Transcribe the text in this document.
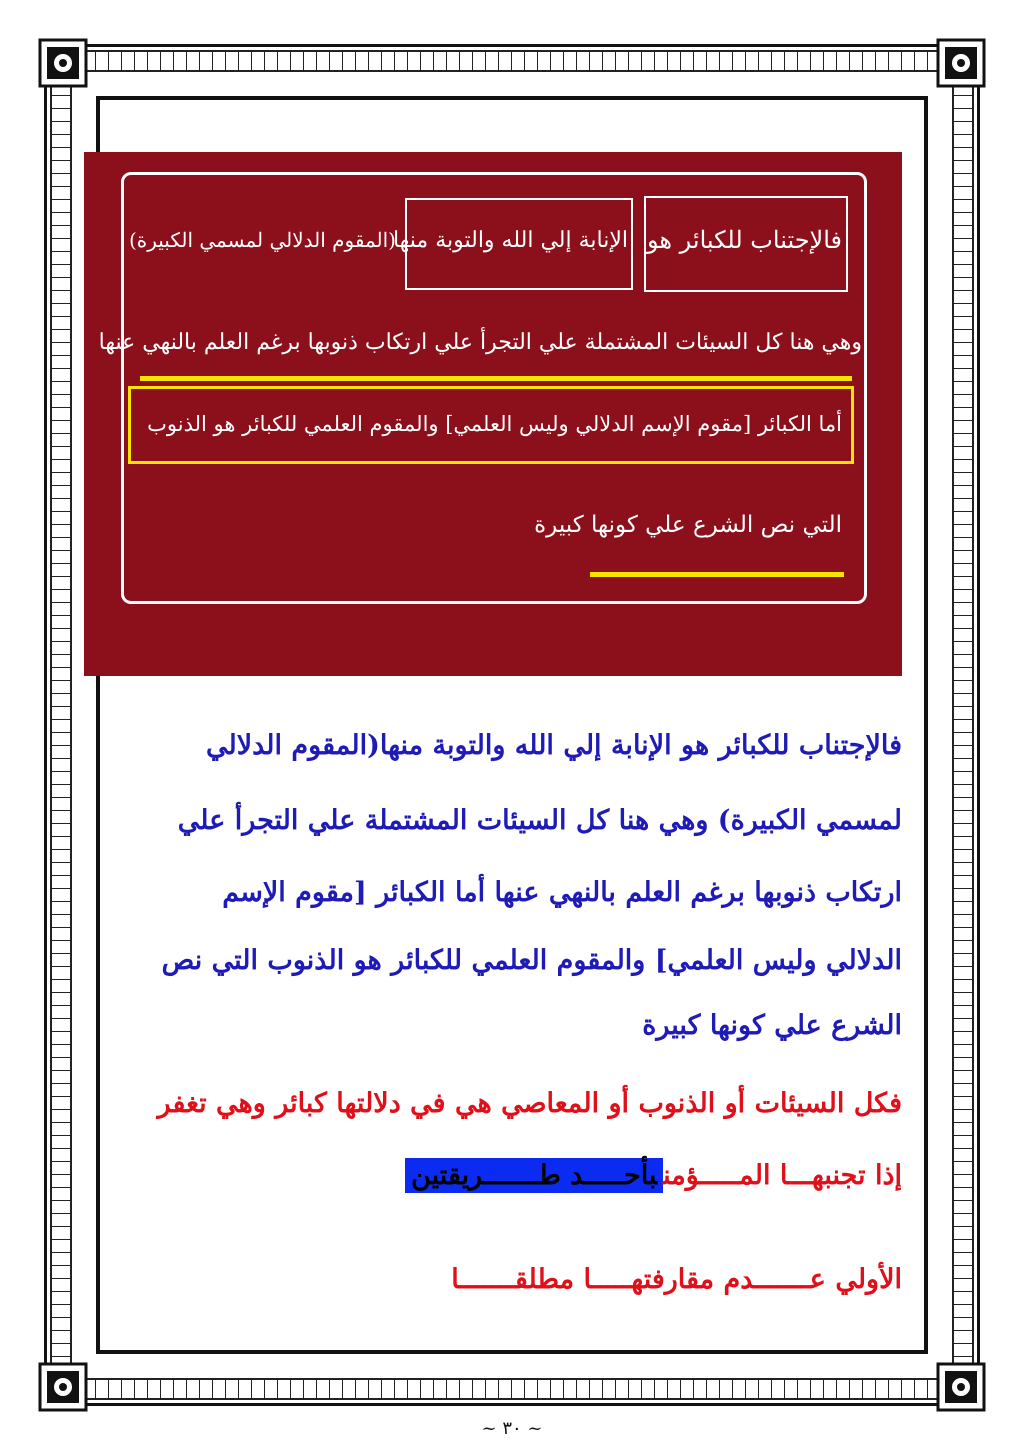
فالإجتناب للكبائر هو
الإنابة إلي الله والتوبة منها
(المقوم الدلالي لمسمي الكبيرة)
وهي هنا كل السيئات المشتملة علي التجرأ علي ارتكاب ذنوبها برغم العلم بالنهي عنها
أما الكبائر [مقوم الإسم الدلالي وليس العلمي] والمقوم العلمي للكبائر هو الذنوب
التي نص الشرع علي كونها كبيرة
فالإجتناب للكبائر هو الإنابة إلي الله والتوبة منها(المقوم الدلالي
لمسمي الكبيرة) وهي هنا كل السيئات المشتملة علي التجرأ علي
ارتكاب ذنوبها برغم العلم بالنهي عنها أما الكبائر [مقوم الإسم
الدلالي وليس العلمي] والمقوم العلمي للكبائر هو الذنوب التي نص
الشرع علي كونها كبيرة
فكل السيئات أو الذنوب أو المعاصي هي في دلالتها كبائر وهي تغفر
إذا تجنبهـــا المـــــؤمنبأحـــــد طـــــــريقتين
الأولي عـــــــدم مقارفتهـــــا مطلقـــــــا
~ ٣٠ ~
